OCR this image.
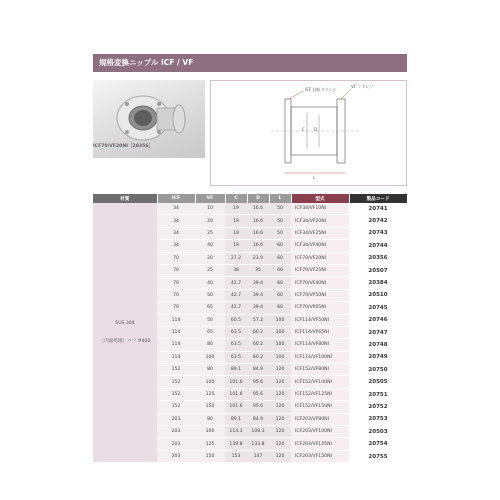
規格変換ニップル ICF / VF
ICF70/VF20NI［20356］
ICF 回転フランジ
VF フランジ
C D
L
材質	ICF	VF	C	D	L	型式	製品コード

SUS 304
［内面処理］バフ #400	34	10	19	16.6	50	ICF34/VF10NI	20741
	34	20	19	16.6	50	ICF34/VF20NI	20742
	34	25	19	16.6	50	ICF34/VF25NI	20743
	34	40	19	16.6	60	ICF34/VF40NI	20744
	70	20	27.2	23.9	60	ICF70/VF20NI	20356
	70	25	38	35	60	ICF70/VF25NI	20507
	70	40	42.7	39.4	60	ICF70/VF40NI	20384
	70	50	42.7	39.4	60	ICF70/VF50NI	20510
	70	65	42.7	39.4	60	ICF70/VF65NI	20745
	114	50	60.5	57.2	100	ICF114/VF50NI	20746
	114	65	63.5	60.2	100	ICF114/VF65NI	20747
	114	80	63.5	60.2	100	ICF114/VF80NI	20748
	114	100	63.5	60.2	100	ICF114/VF100NI	20749
	152	80	89.1	84.9	120	ICF152/VF80NI	20750
	152	100	101.6	95.6	120	ICF152/VF100NI	20505
	152	125	101.6	95.6	120	ICF152/VF125NI	20751
	152	150	101.6	95.6	120	ICF152/VF150NI	20752
	203	80	89.1	84.9	120	ICF203/VF80NI	20753
	203	100	114.3	108.3	120	ICF203/VF100NI	20503
	203	125	139.8	133.8	120	ICF203/VF125NI	20754
	203	150	153	147	120	ICF203/VF150NI	20755
